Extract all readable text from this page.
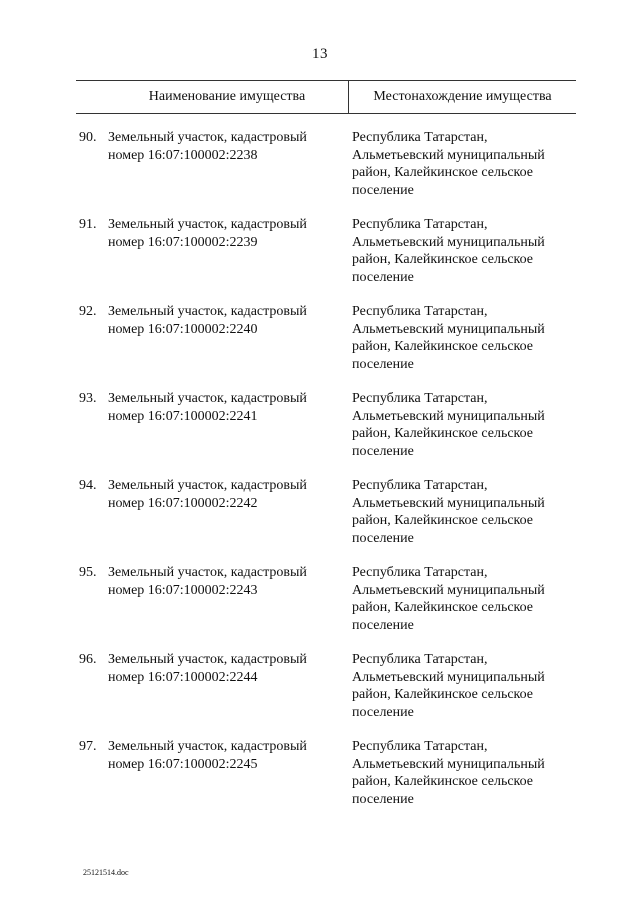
13
Наименование имущества	Местонахождение имущества
90. Земельный участок, кадастровый
номер 16:07:100002:2238
Республика Татарстан,
Альметьевский муниципальный
район, Калейкинское сельское
поселение
91. Земельный участок, кадастровый
номер 16:07:100002:2239
Республика Татарстан,
Альметьевский муниципальный
район, Калейкинское сельское
поселение
92. Земельный участок, кадастровый
номер 16:07:100002:2240
Республика Татарстан,
Альметьевский муниципальный
район, Калейкинское сельское
поселение
93. Земельный участок, кадастровый
номер 16:07:100002:2241
Республика Татарстан,
Альметьевский муниципальный
район, Калейкинское сельское
поселение
94. Земельный участок, кадастровый
номер 16:07:100002:2242
Республика Татарстан,
Альметьевский муниципальный
район, Калейкинское сельское
поселение
95. Земельный участок, кадастровый
номер 16:07:100002:2243
Республика Татарстан,
Альметьевский муниципальный
район, Калейкинское сельское
поселение
96. Земельный участок, кадастровый
номер 16:07:100002:2244
Республика Татарстан,
Альметьевский муниципальный
район, Калейкинское сельское
поселение
97. Земельный участок, кадастровый
номер 16:07:100002:2245
Республика Татарстан,
Альметьевский муниципальный
район, Калейкинское сельское
поселение
25121514.doc
